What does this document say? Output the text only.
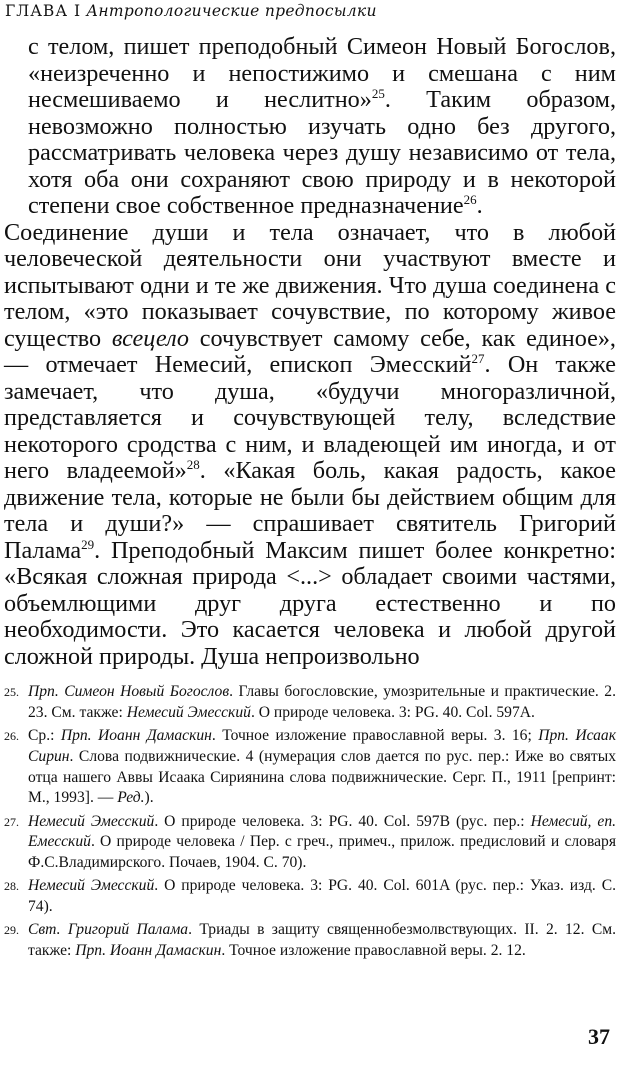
ГЛАВА I Антропологические предпосылки

с телом, пишет преподобный Симеон Новый Богослов, «неизреченно и непостижимо и смешана с ним несмешиваемо и неслитно»$^{25}$. Таким образом, невозможно полностью изучать одно без другого, рассматривать человека через душу независимо от тела, хотя оба они сохраняют свою природу и в некоторой степени свое собственное предназначение$^{26}$.

Соединение души и тела означает, что в любой человеческой деятельности они участвуют вместе и испытывают одни и те же движения. Что душа соединена с телом, «это показывает сочувствие, по которому живое существо всецело сочувствует самому себе, как единое», — отмечает Немесий, епископ Эмесский$^{27}$. Он также замечает, что душа, «будучи многоразличной, представляется и сочувствующей телу, вследствие некоторого сродства с ним, и владеющей им иногда, и от него владеемой»$^{28}$. «Какая боль, какая радость, какое движение тела, которые не были бы действием общим для тела и души?» — спрашивает святитель Григорий Палама$^{29}$. Преподобный Максим пишет более конкретно: «Всякая сложная природа <...> обладает своими частями, объемлющими друг друга естественно и по необходимости. Это касается человека и любой другой сложной природы. Душа непроизвольно

25. Прп. Симеон Новый Богослов. Главы богословские, умозрительные и практические. 2. 23. См. также: Немесий Эмесский. О природе человека. 3: PG. 40. Col. 597A.
26. Ср.: Прп. Иоанн Дамаскин. Точное изложение православной веры. 3. 16; Прп. Исаак Сирин. Слова подвижнические. 4 (нумерация слов дается по рус. пер.: Иже во святых отца нашего Аввы Исаака Сириянина слова подвижнические. Серг. П., 1911 [репринт: М., 1993]. — Ред.).
27. Немесий Эмесский. О природе человека. 3: PG. 40. Col. 597B (рус. пер.: Немесий, еп. Емесский. О природе человека / Пер. с греч., примеч., прилож. предисловий и словаря Ф.С.Владимирского. Почаев, 1904. С. 70).
28. Немесий Эмесский. О природе человека. 3: PG. 40. Col. 601A (рус. пер.: Указ. изд. С. 74).
29. Свт. Григорий Палама. Триады в защиту священнобезмолвствующих. II. 2. 12. См. также: Прп. Иоанн Дамаскин. Точное изложение православной веры. 2. 12.
37
